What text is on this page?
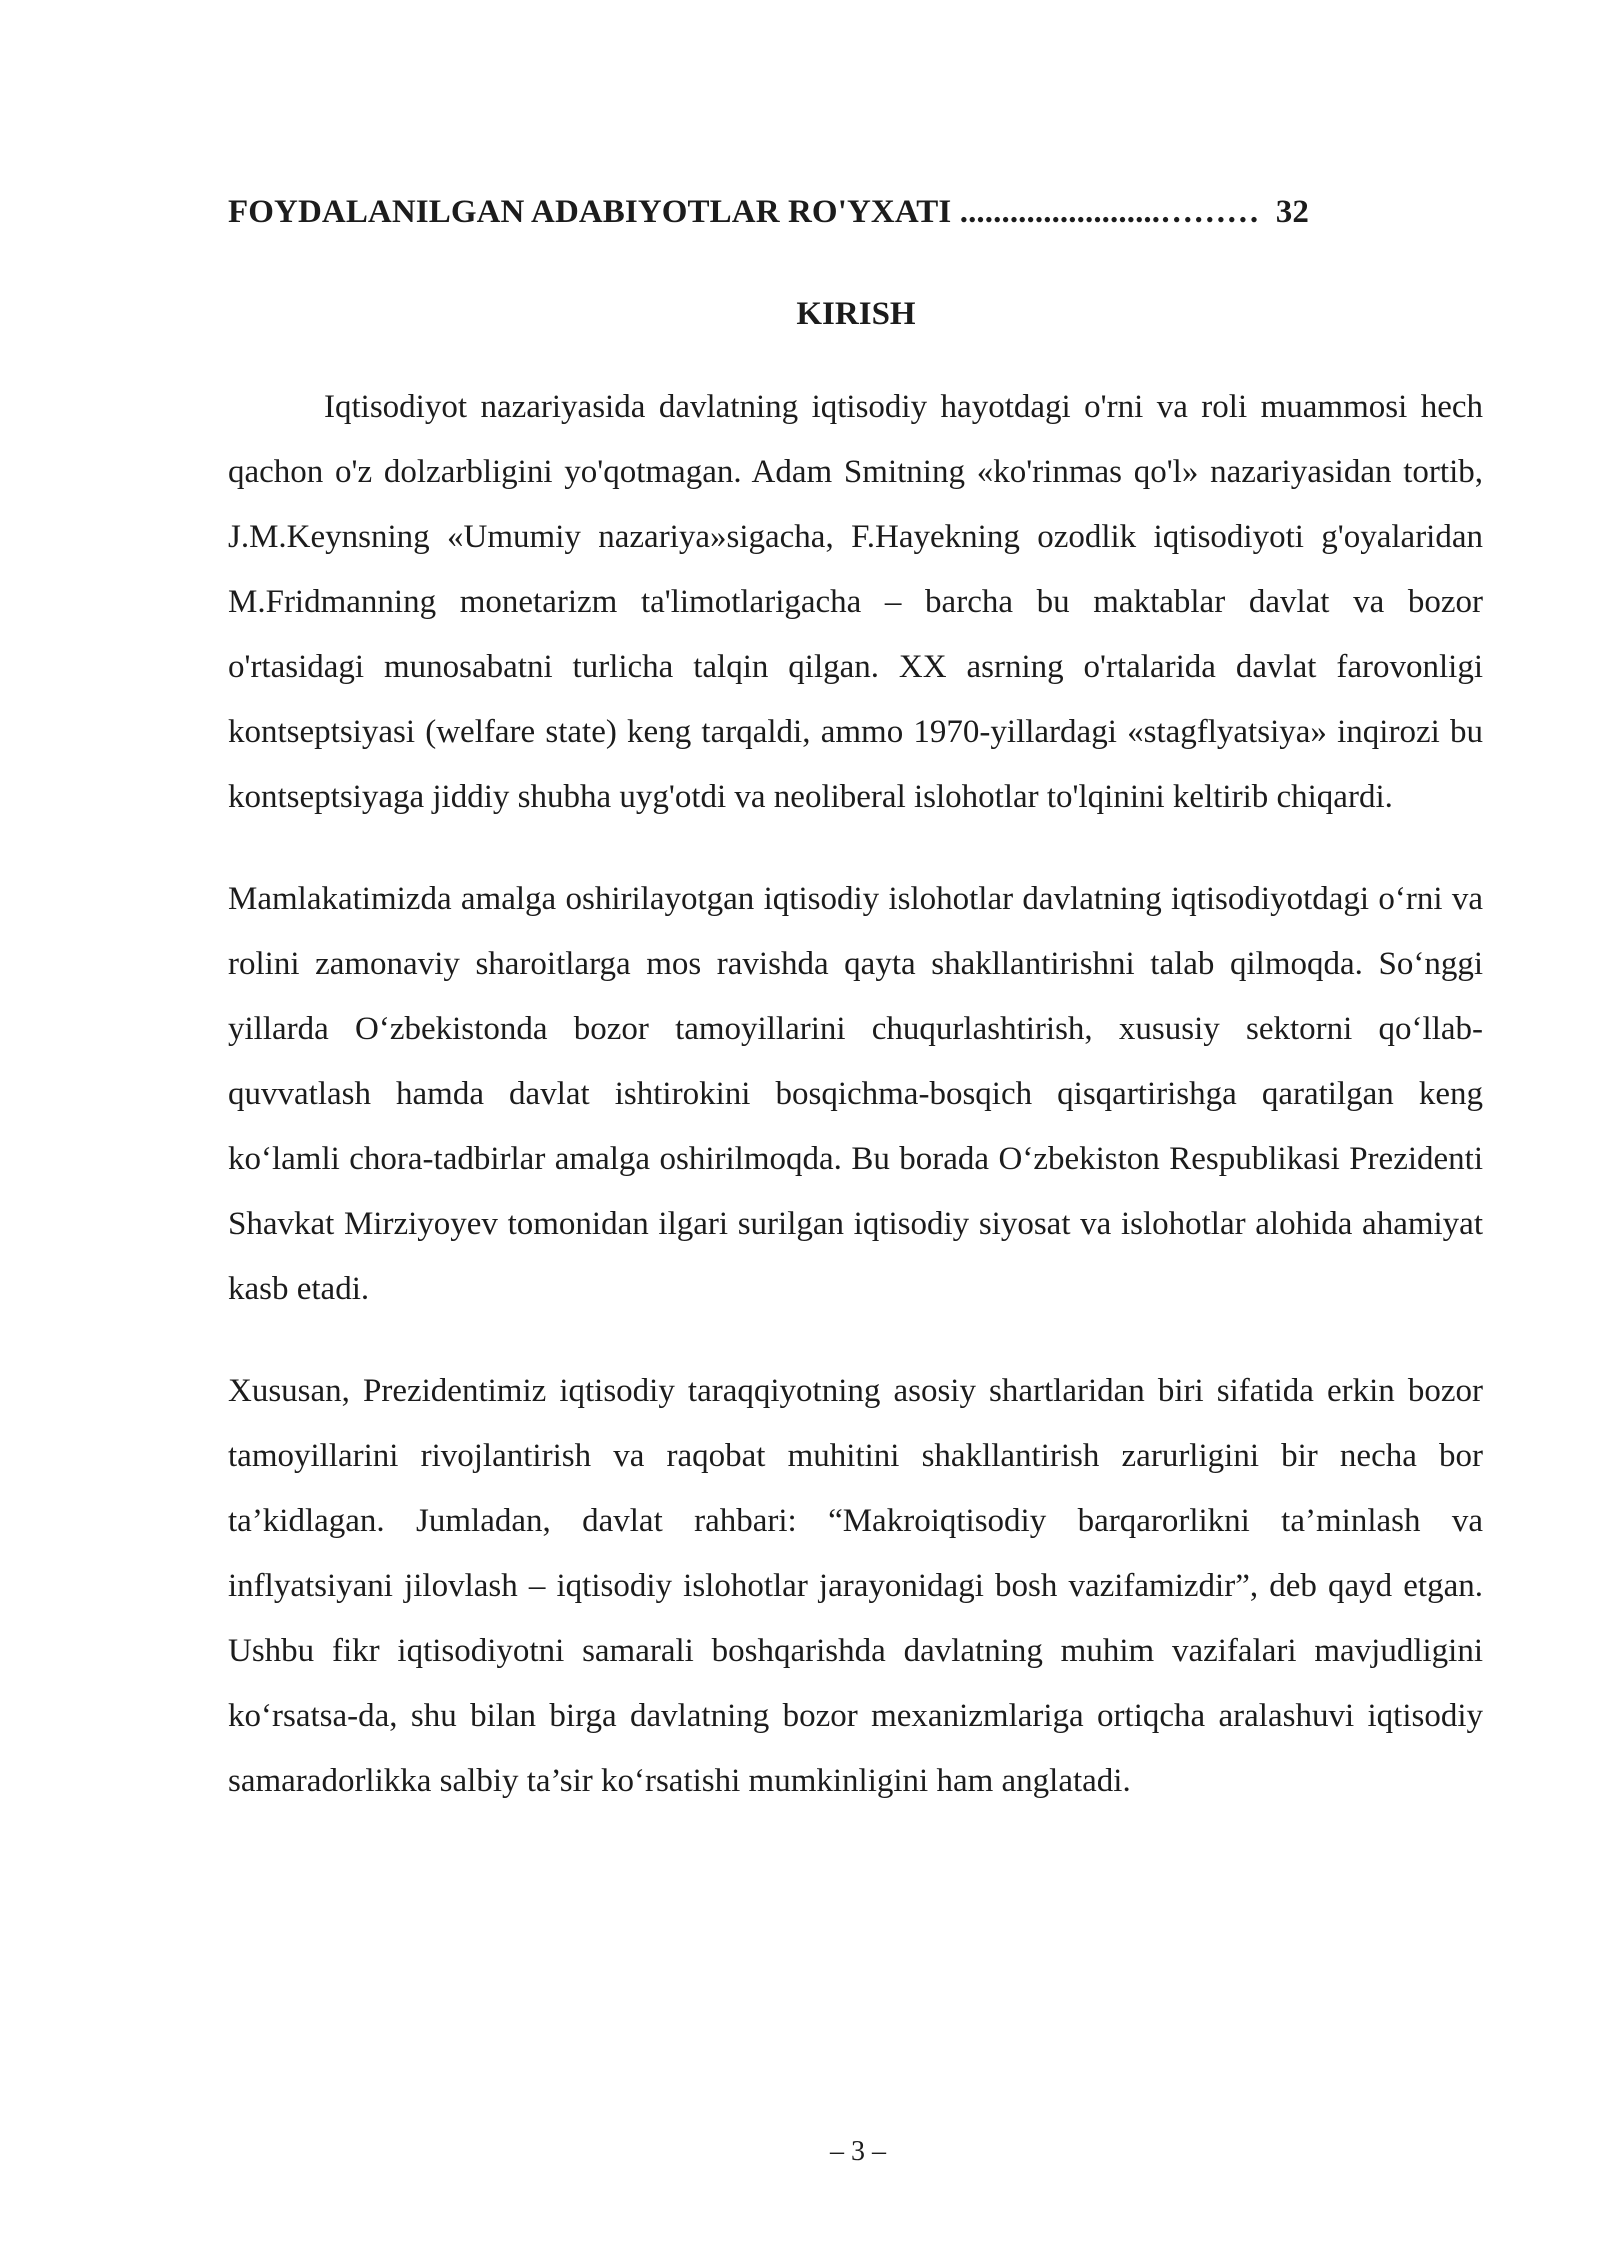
FOYDALANILGAN ADABIYOTLAR RO'YXATI ........................……… 32
KIRISH

Iqtisodiyot nazariyasida davlatning iqtisodiy hayotdagi o'rni va roli muammosi hech qachon o'z dolzarbligini yo'qotmagan. Adam Smitning «ko'rinmas qo'l» nazariyasidan tortib, J.M.Keynsning «Umumiy nazariya»sigacha, F.Hayekning ozodlik iqtisodiyoti g'oyalaridan M.Fridmanning monetarizm ta'limotlarigacha – barcha bu maktablar davlat va bozor o'rtasidagi munosabatni turlicha talqin qilgan. XX asrning o'rtalarida davlat farovonligi kontseptsiyasi (welfare state) keng tarqaldi, ammo 1970-yillardagi «stagflyatsiya» inqirozi bu kontseptsiyaga jiddiy shubha uyg'otdi va neoliberal islohotlar to'lqinini keltirib chiqardi.

Mamlakatimizda amalga oshirilayotgan iqtisodiy islohotlar davlatning iqtisodiyotdagi o‘rni va rolini zamonaviy sharoitlarga mos ravishda qayta shakllantirishni talab qilmoqda. So‘nggi yillarda O‘zbekistonda bozor tamoyillarini chuqurlashtirish, xususiy sektorni qo‘llab-quvvatlash hamda davlat ishtirokini bosqichma-bosqich qisqartirishga qaratilgan keng ko‘lamli chora-tadbirlar amalga oshirilmoqda. Bu borada O‘zbekiston Respublikasi Prezidenti Shavkat Mirziyoyev tomonidan ilgari surilgan iqtisodiy siyosat va islohotlar alohida ahamiyat kasb etadi.

Xususan, Prezidentimiz iqtisodiy taraqqiyotning asosiy shartlaridan biri sifatida erkin bozor tamoyillarini rivojlantirish va raqobat muhitini shakllantirish zarurligini bir necha bor ta’kidlagan. Jumladan, davlat rahbari: “Makroiqtisodiy barqarorlikni ta’minlash va inflyatsiyani jilovlash – iqtisodiy islohotlar jarayonidagi bosh vazifamizdir”, deb qayd etgan. Ushbu fikr iqtisodiyotni samarali boshqarishda davlatning muhim vazifalari mavjudligini ko‘rsatsa-da, shu bilan birga davlatning bozor mexanizmlariga ortiqcha aralashuvi iqtisodiy samaradorlikka salbiy ta’sir ko‘rsatishi mumkinligini ham anglatadi.

– 3 –
